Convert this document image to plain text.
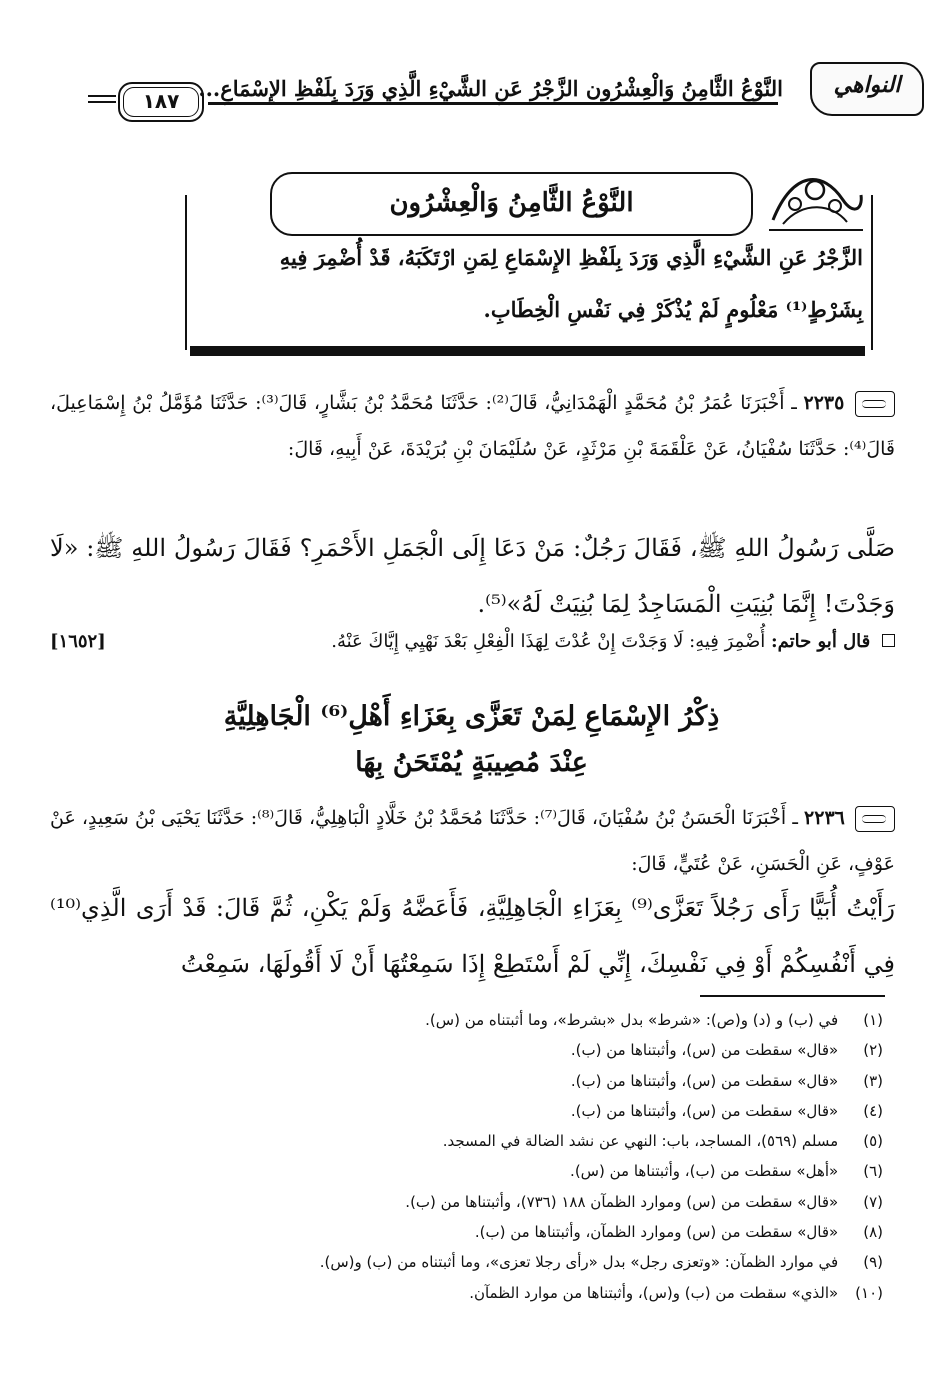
النواهي
النَّوْعُ الثَّامِنُ وَالْعِشْرُون الزَّجْرُ عَنِ الشَّيْءِ الَّذِي وَرَدَ بِلَفْظِ الإِسْمَاعِ...
١٨٧
النَّوْعُ الثَّامِنُ وَالْعِشْرُون
الزَّجْرُ عَنِ الشَّيْءِ الَّذِي وَرَدَ بِلَفْظِ الإِسْمَاعِ لِمَنِ ارْتَكَبَهُ، قَدْ أُضْمِرَ فِيهِ
بِشَرْطٍ⁽¹⁾ مَعْلُومٍ لَمْ يُذْكَرْ فِي نَفْسِ الْخِطَابِ.
٢٢٣٥ ـ أَخْبَرَنَا عُمَرُ بْنُ مُحَمَّدٍ الْهَمْدَانِيُّ، قَالَ⁽²⁾: حَدَّثَنَا مُحَمَّدُ بْنُ بَشَّارٍ، قَالَ⁽³⁾: حَدَّثَنَا مُؤَمَّلُ بْنُ إِسْمَاعِيلَ، قَالَ⁽⁴⁾: حَدَّثَنَا سُفْيَانُ، عَنْ عَلْقَمَةَ بْنِ مَرْثَدٍ، عَنْ سُلَيْمَانَ بْنِ بُرَيْدَةَ، عَنْ أَبِيهِ، قَالَ:
صَلَّى رَسُولُ اللهِ ﷺ، فَقَالَ رَجُلٌ: مَنْ دَعَا إِلَى الْجَمَلِ الأَحْمَرِ؟ فَقَالَ رَسُولُ اللهِ ﷺ: «لَا وَجَدْتَ! إِنَّمَا بُنِيَتِ الْمَسَاجِدُ لِمَا بُنِيَتْ لَهُ»⁽⁵⁾.
قال أبو حاتم: أُضْمِرَ فِيهِ: لَا وَجَدْتَ إِنْ عُدْتَ لِهَذَا الْفِعْلِ بَعْدَ نَهْيِي إِيَّاكَ عَنْهُ.
[١٦٥٢]
ذِكْرُ الإِسْمَاعِ لِمَنْ تَعَزَّى بِعَزَاءِ أَهْلِ⁽⁶⁾ الْجَاهِلِيَّةِ
عِنْدَ مُصِيبَةٍ يُمْتَحَنُ بِهَا
٢٢٣٦ ـ أَخْبَرَنَا الْحَسَنُ بْنُ سُفْيَانَ، قَالَ⁽⁷⁾: حَدَّثَنَا مُحَمَّدُ بْنُ خَلَّادٍ الْبَاهِلِيُّ، قَالَ⁽⁸⁾: حَدَّثَنَا يَحْيَى بْنُ سَعِيدٍ، عَنْ عَوْفٍ، عَنِ الْحَسَنِ، عَنْ عُتَيٍّ، قَالَ:
رَأَيْتُ أُبَيًّا رَأَى رَجُلاً تَعَزَّى⁽⁹⁾ بِعَزَاءِ الْجَاهِلِيَّةِ، فَأَعَضَّهُ وَلَمْ يَكْنِ، ثُمَّ قَالَ: قَدْ أَرَى الَّذِي⁽¹⁰⁾ فِي أَنْفُسِكُمْ أَوْ فِي نَفْسِكَ، إِنِّي لَمْ أَسْتَطِعْ إِذَا سَمِعْتُهَا أَنْ لَا أَقُولَهَا، سَمِعْتُ
(١) في (ب) و (د) و(ص): «شرط» بدل «بشرط»، وما أثبتناه من (س).
(٢) «قال» سقطت من (س)، وأثبتناها من (ب).
(٣) «قال» سقطت من (س)، وأثبتناها من (ب).
(٤) «قال» سقطت من (س)، وأثبتناها من (ب).
(٥) مسلم (٥٦٩)، المساجد، باب: النهي عن نشد الضالة في المسجد.
(٦) «أهل» سقطت من (ب)، وأثبتناها من (س).
(٧) «قال» سقطت من (س) وموارد الظمآن ١٨٨ (٧٣٦)، وأثبتناها من (ب).
(٨) «قال» سقطت من (س) وموارد الظمآن، وأثبتناها من (ب).
(٩) في موارد الظمآن: «وتعزى رجل» بدل «رأى رجلا تعزى»، وما أثبتناه من (ب) و(س).
(١٠) «الذي» سقطت من (ب) و(س)، وأثبتناها من موارد الظمآن.
